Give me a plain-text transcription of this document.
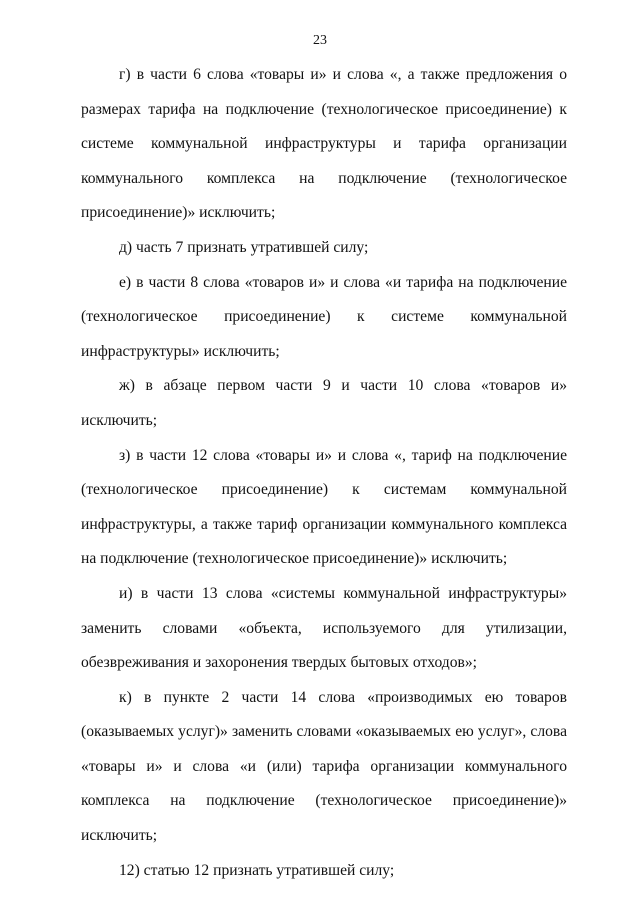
23

г) в части 6 слова «товары и» и слова «, а также предложения о размерах тарифа на подключение (технологическое присоединение) к системе коммунальной инфраструктуры и тарифа организации коммунального комплекса на подключение (технологическое присоединение)» исключить;

д) часть 7 признать утратившей силу;

е) в части 8 слова «товаров и» и слова «и тарифа на подключение (технологическое присоединение) к системе коммунальной инфраструктуры» исключить;

ж) в абзаце первом части 9 и части 10 слова «товаров и» исключить;

з) в части 12 слова «товары и» и слова «, тариф на подключение (технологическое присоединение) к системам коммунальной инфраструктуры, а также тариф организации коммунального комплекса на подключение (технологическое присоединение)» исключить;

и) в части 13 слова «системы коммунальной инфраструктуры» заменить словами «объекта, используемого для утилизации, обезвреживания и захоронения твердых бытовых отходов»;

к) в пункте 2 части 14 слова «производимых ею товаров (оказываемых услуг)» заменить словами «оказываемых ею услуг», слова «товары и» и слова «и (или) тарифа организации коммунального комплекса на подключение (технологическое присоединение)» исключить;

12) статью 12 признать утратившей силу;
